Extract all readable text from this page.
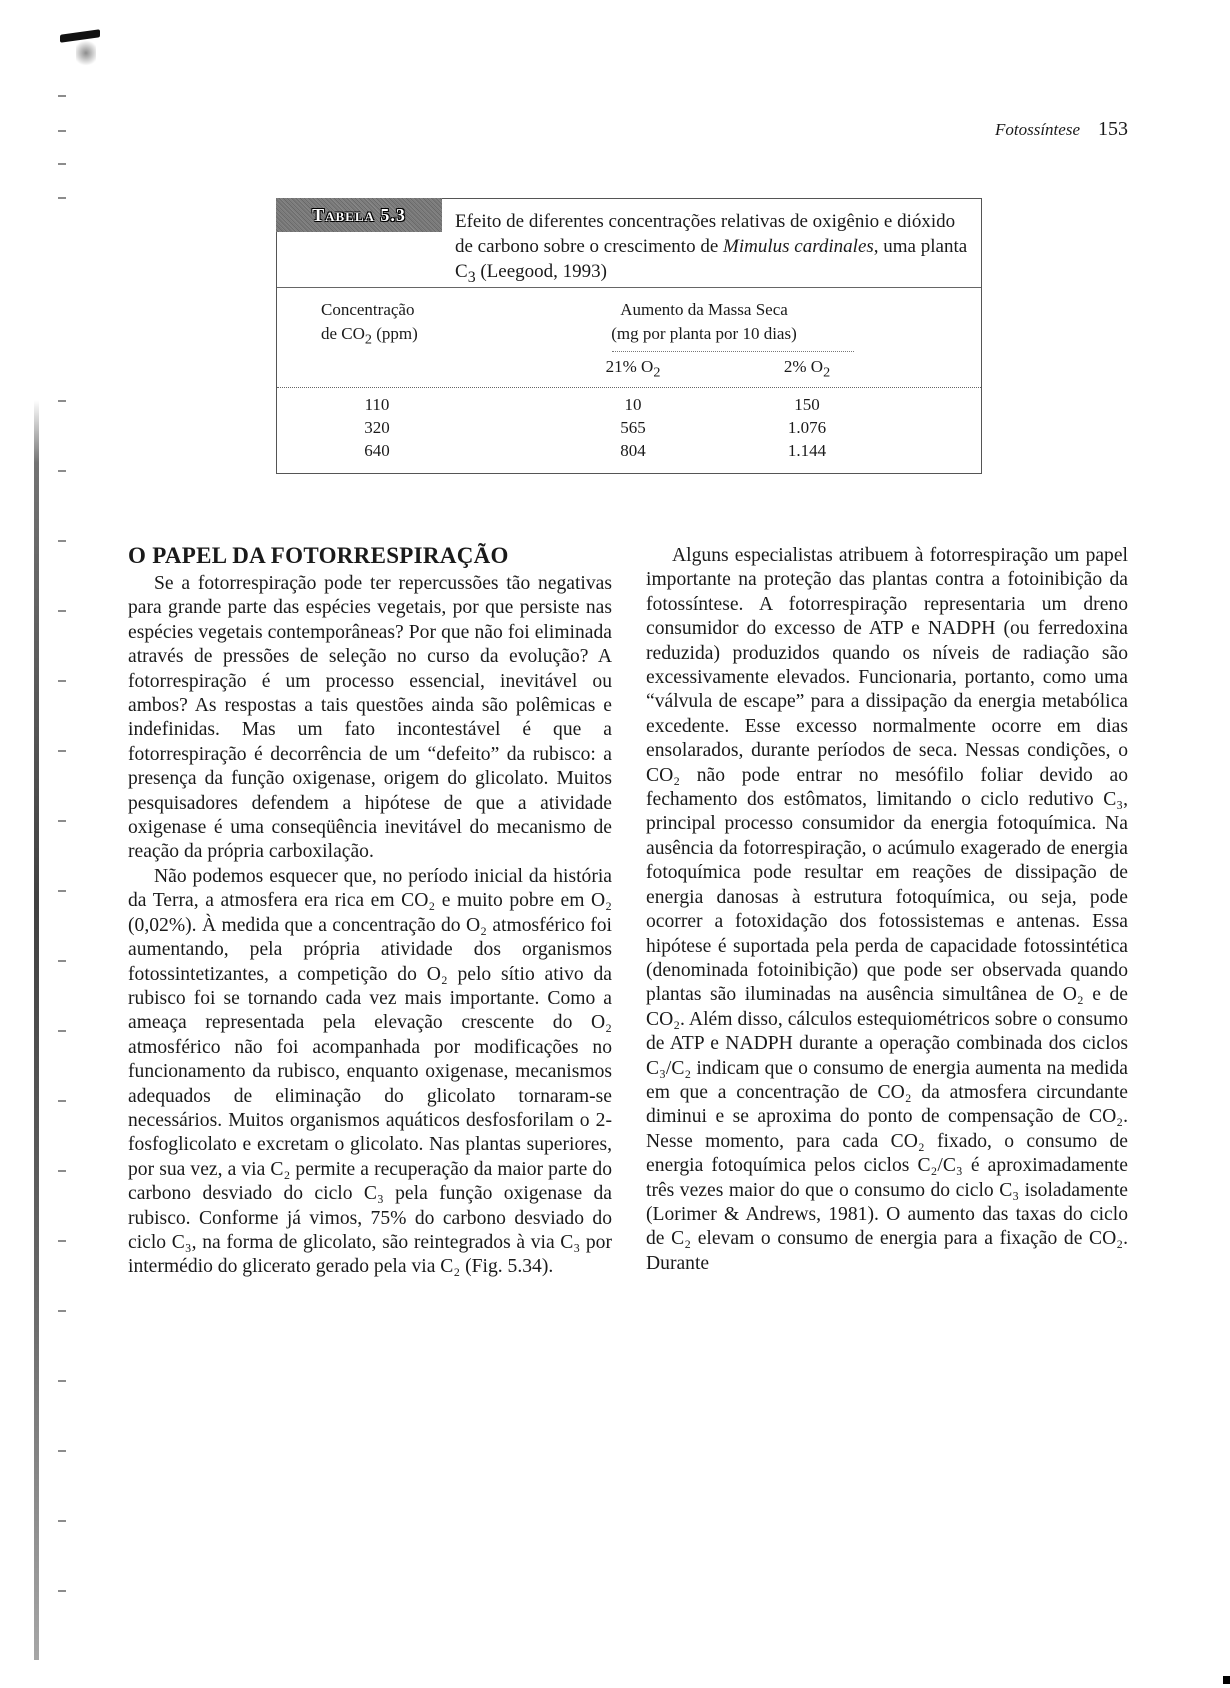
Fotossíntese 153
Tabela 5.3	Efeito de diferentes concentrações relativas de oxigênio e dióxido de carbono sobre o crescimento de Mimulus cardinales, uma planta $C_3$ (Leegood, 1993)
Concentração
de $CO_2$ (ppm)
Aumento da Massa Seca
(mg por planta por 10 dias)
21% $O_2$	2% $O_2$
110	10	150
320	565	1.076
640	804	1.144
O PAPEL DA FOTORRESPIRAÇÃO

Se a fotorrespiração pode ter repercussões tão negativas para grande parte das espécies vegetais, por que persiste nas espécies vegetais contemporâneas? Por que não foi eliminada através de pressões de seleção no curso da evolução? A fotorrespiração é um processo essencial, inevitável ou ambos? As respostas a tais questões ainda são polêmicas e indefinidas. Mas um fato incontestável é que a fotorrespiração é decorrência de um “defeito” da rubisco: a presença da função oxigenase, origem do glicolato. Muitos pesquisadores defendem a hipótese de que a atividade oxigenase é uma conseqüência inevitável do mecanismo de reação da própria carboxilação.

Não podemos esquecer que, no período inicial da história da Terra, a atmosfera era rica em CO₂ e muito pobre em O₂ (0,02%). À medida que a concentração do O₂ atmosférico foi aumentando, pela própria atividade dos organismos fotossintetizantes, a competição do O₂ pelo sítio ativo da rubisco foi se tornando cada vez mais importante. Como a ameaça representada pela elevação crescente do O₂ atmosférico não foi acompanhada por modificações no funcionamento da rubisco, enquanto oxigenase, mecanismos adequados de eliminação do glicolato tornaram-se necessários. Muitos organismos aquáticos desfosforilam o 2-fosfoglicolato e excretam o glicolato. Nas plantas superiores, por sua vez, a via C₂ permite a recuperação da maior parte do carbono desviado do ciclo C₃ pela função oxigenase da rubisco. Conforme já vimos, 75% do carbono desviado do ciclo C₃, na forma de glicolato, são reintegrados à via C₃ por intermédio do glicerato gerado pela via C₂ (Fig. 5.34).

Alguns especialistas atribuem à fotorrespiração um papel importante na proteção das plantas contra a fotoinibição da fotossíntese. A fotorrespiração representaria um dreno consumidor do excesso de ATP e NADPH (ou ferredoxina reduzida) produzidos quando os níveis de radiação são excessivamente elevados. Funcionaria, portanto, como uma “válvula de escape” para a dissipação da energia metabólica excedente. Esse excesso normalmente ocorre em dias ensolarados, durante períodos de seca. Nessas condições, o CO₂ não pode entrar no mesófilo foliar devido ao fechamento dos estômatos, limitando o ciclo redutivo C₃, principal processo consumidor da energia fotoquímica. Na ausência da fotorrespiração, o acúmulo exagerado de energia fotoquímica pode resultar em reações de dissipação de energia danosas à estrutura fotoquímica, ou seja, pode ocorrer a fotoxidação dos fotossistemas e antenas. Essa hipótese é suportada pela perda de capacidade fotossintética (denominada fotoinibição) que pode ser observada quando plantas são iluminadas na ausência simultânea de O₂ e de CO₂. Além disso, cálculos estequiométricos sobre o consumo de ATP e NADPH durante a operação combinada dos ciclos C₃/C₂ indicam que o consumo de energia aumenta na medida em que a concentração de CO₂ da atmosfera circundante diminui e se aproxima do ponto de compensação de CO₂. Nesse momento, para cada CO₂ fixado, o consumo de energia fotoquímica pelos ciclos C₂/C₃ é aproximadamente três vezes maior do que o consumo do ciclo C₃ isoladamente (Lorimer & Andrews, 1981). O aumento das taxas do ciclo de C₂ elevam o consumo de energia para a fixação de CO₂. Durante
